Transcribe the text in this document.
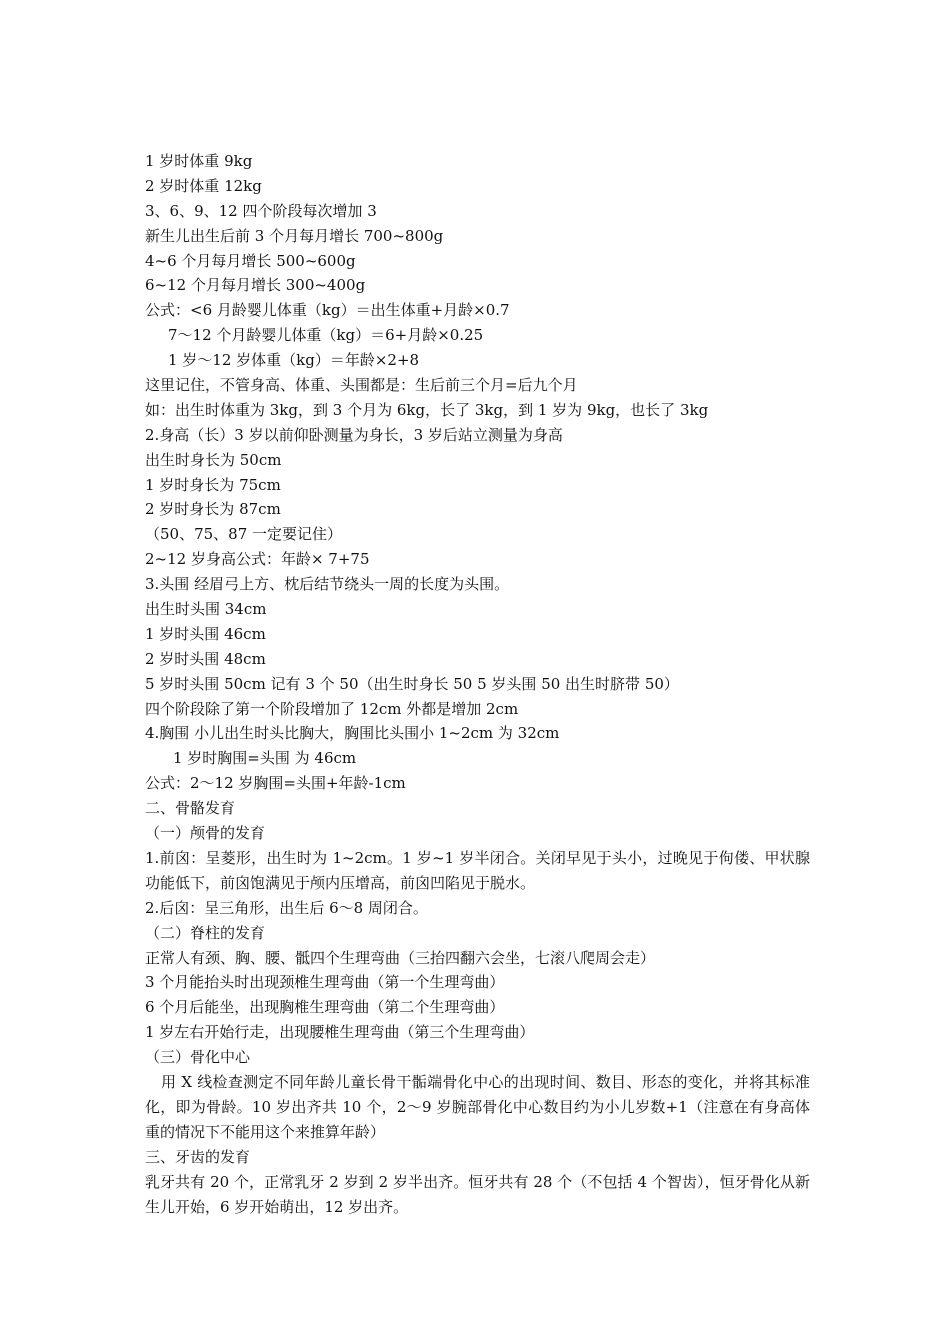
1 岁时体重 9kg
2 岁时体重 12kg
3、6、9、12 四个阶段每次增加 3
新生儿出生后前 3 个月每月增长 700~800g
4~6 个月每月增长 500~600g
6~12 个月每月增长 300~400g
公式：<6 月龄婴儿体重（kg）＝出生体重+月龄×0.7
7～12 个月龄婴儿体重（kg）＝6+月龄×0.25
1 岁～12 岁体重（kg）＝年龄×2+8
这里记住，不管身高、体重、头围都是：生后前三个月=后九个月
如：出生时体重为 3kg，到 3 个月为 6kg，长了 3kg，到 1 岁为 9kg，也长了 3kg
2.身高（长）3 岁以前仰卧测量为身长，3 岁后站立测量为身高
出生时身长为 50cm
1 岁时身长为 75cm
2 岁时身长为 87cm
（50、75、87 一定要记住）
2~12 岁身高公式：年龄× 7+75
3.头围 经眉弓上方、枕后结节绕头一周的长度为头围。
出生时头围 34cm
1 岁时头围 46cm
2 岁时头围 48cm
5 岁时头围 50cm 记有 3 个 50（出生时身长 50 5 岁头围 50 出生时脐带 50）
四个阶段除了第一个阶段增加了 12cm 外都是增加 2cm
4.胸围 小儿出生时头比胸大，胸围比头围小 1~2cm 为 32cm
1 岁时胸围=头围 为 46cm
公式：2～12 岁胸围=头围+年龄-1cm
二、骨骼发育
（一）颅骨的发育
1.前囟：呈菱形，出生时为 1~2cm。1 岁~1 岁半闭合。关闭早见于头小，过晚见于佝偻、甲状腺功能低下，前囟饱满见于颅内压增高，前囟凹陷见于脱水。
2.后囟：呈三角形，出生后 6～8 周闭合。
（二）脊柱的发育
正常人有颈、胸、腰、骶四个生理弯曲（三抬四翻六会坐，七滚八爬周会走）
3 个月能抬头时出现颈椎生理弯曲（第一个生理弯曲）
6 个月后能坐，出现胸椎生理弯曲（第二个生理弯曲）
1 岁左右开始行走，出现腰椎生理弯曲（第三个生理弯曲）
（三）骨化中心
用 X 线检查测定不同年龄儿童长骨干骺端骨化中心的出现时间、数目、形态的变化，并将其标准化，即为骨龄。10 岁出齐共 10 个，2～9 岁腕部骨化中心数目约为小儿岁数+1（注意在有身高体重的情况下不能用这个来推算年龄）
三、牙齿的发育
乳牙共有 20 个，正常乳牙 2 岁到 2 岁半出齐。恒牙共有 28 个（不包括 4 个智齿），恒牙骨化从新生儿开始，6 岁开始萌出，12 岁出齐。
